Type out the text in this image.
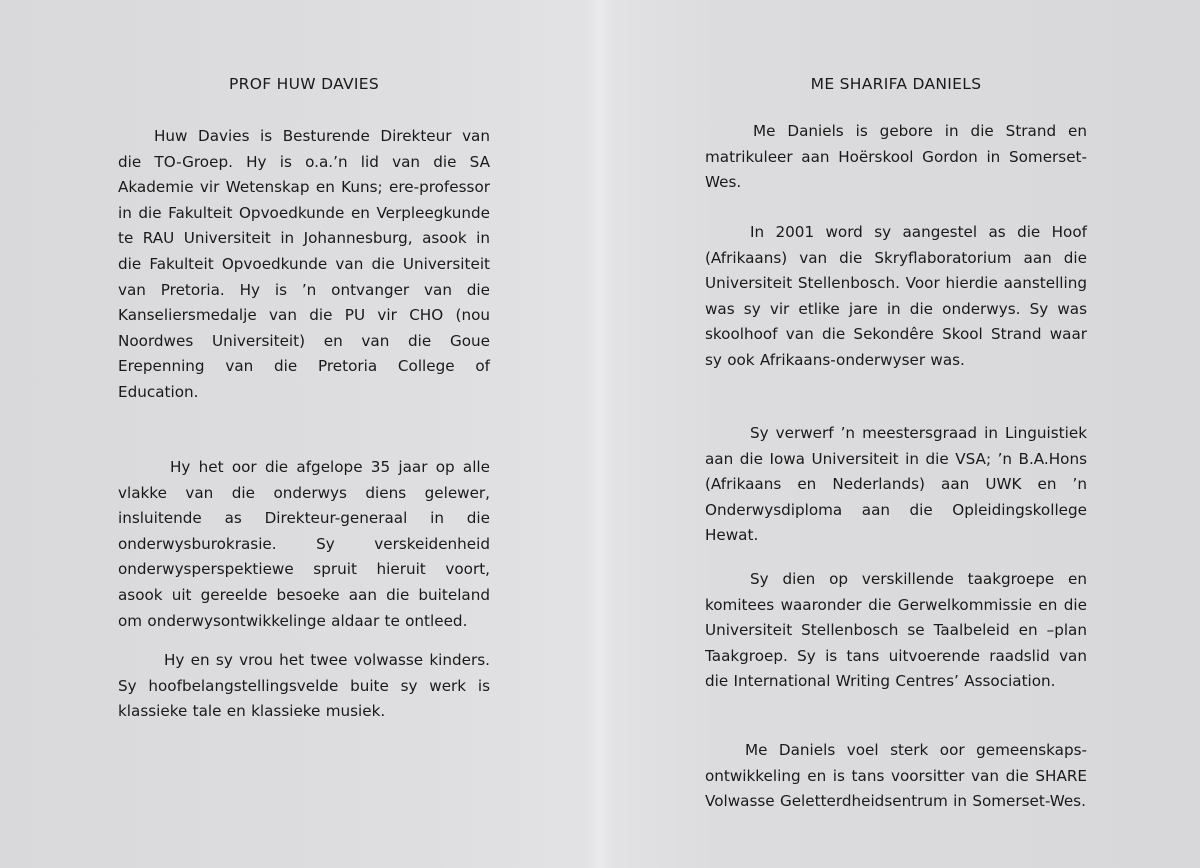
PROF HUW DAVIES

Huw Davies is Besturende Direkteur van die TO-Groep. Hy is o.a.’n lid van die SA Akademie vir Wetenskap en Kuns; ere-professor in die Fakulteit Opvoedkunde en Verpleegkunde te RAU Universiteit in Johannesburg, asook in die Fakulteit Opvoedkunde van die Universiteit van Pretoria. Hy is ’n ontvanger van die Kanseliersmedalje van die PU vir CHO (nou Noordwes Universiteit) en van die Goue Erepenning van die Pretoria College of Education.

Hy het oor die afgelope 35 jaar op alle vlakke van die onderwys diens gelewer, insluitende as Direkteur-generaal in die onderwysburokrasie. Sy verskeidenheid onderwysperspektiewe spruit hieruit voort, asook uit gereelde besoeke aan die buiteland om onderwysontwikkelinge aldaar te ontleed.

Hy en sy vrou het twee volwasse kinders. Sy hoofbelangstellingsvelde buite sy werk is klassieke tale en klassieke musiek.

ME SHARIFA DANIELS

Me Daniels is gebore in die Strand en matrikuleer aan Hoërskool Gordon in Somerset-Wes.

In 2001 word sy aangestel as die Hoof (Afrikaans) van die Skryflaboratorium aan die Universiteit Stellenbosch. Voor hierdie aanstelling was sy vir etlike jare in die onderwys. Sy was skoolhoof van die Sekondêre Skool Strand waar sy ook Afrikaans-onderwyser was.

Sy verwerf ’n meestersgraad in Linguistiek aan die Iowa Universiteit in die VSA; ’n B.A.Hons (Afrikaans en Nederlands) aan UWK en ’n Onderwysdiploma aan die Opleidingskollege Hewat.

Sy dien op verskillende taakgroepe en komitees waaronder die Gerwelkommissie en die Universiteit Stellenbosch se Taalbeleid en –plan Taakgroep. Sy is tans uitvoerende raadslid van die International Writing Centres’ Association.

Me Daniels voel sterk oor gemeenskaps-ontwikkeling en is tans voorsitter van die SHARE Volwasse Geletterdheidsentrum in Somerset-Wes.
